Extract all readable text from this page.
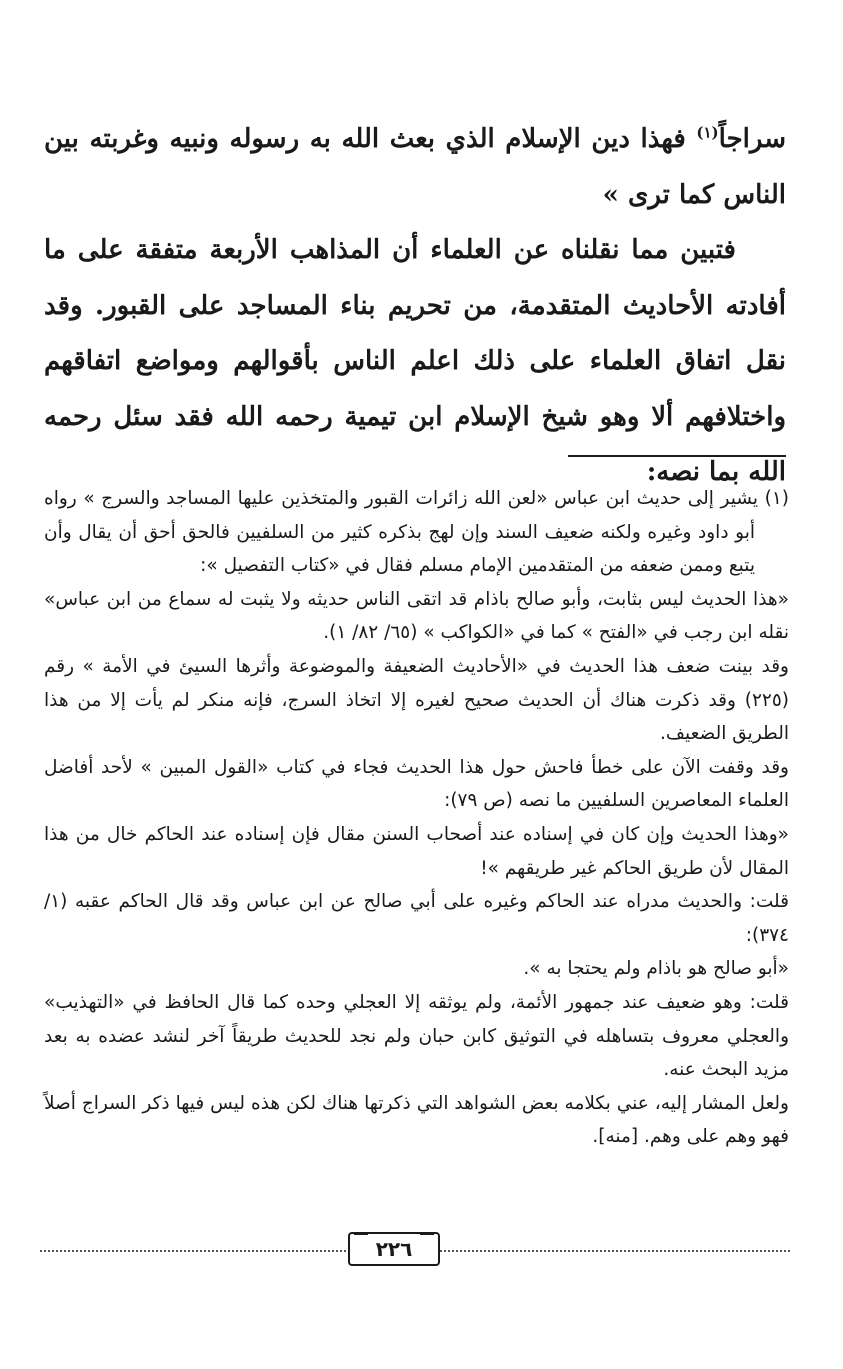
سراجاً$^{(١)}$ فهذا دين الإسلام الذي بعث الله به رسوله ونبيه وغربته بين الناس كما ترى »

فتبين مما نقلناه عن العلماء أن المذاهب الأربعة متفقة على ما أفادته الأحاديث المتقدمة، من تحريم بناء المساجد على القبور. وقد نقل اتفاق العلماء على ذلك اعلم الناس بأقوالهم ومواضع اتفاقهم واختلافهم ألا وهو شيخ الإسلام ابن تيمية رحمه الله فقد سئل رحمه الله بما نصه:

(١) يشير إلى حديث ابن عباس «لعن الله زائرات القبور والمتخذين عليها المساجد والسرج » رواه أبو داود وغيره ولكنه ضعيف السند وإن لهج بذكره كثير من السلفيين فالحق أحق أن يقال وأن يتبع وممن ضعفه من المتقدمين الإمام مسلم فقال في «كتاب التفصيل »:

«هذا الحديث ليس بثابت، وأبو صالح باذام قد اتقى الناس حديثه ولا يثبت له سماع من ابن عباس» نقله ابن رجب في «الفتح » كما في «الكواكب » (٦٥/ ٨٢/ ١).

وقد بينت ضعف هذا الحديث في «الأحاديث الضعيفة والموضوعة وأثرها السيئ في الأمة » رقم (٢٢٥) وقد ذكرت هناك أن الحديث صحيح لغيره إلا اتخاذ السرج، فإنه منكر لم يأت إلا من هذا الطريق الضعيف.

وقد وقفت الآن على خطأ فاحش حول هذا الحديث فجاء في كتاب «القول المبين » لأحد أفاضل العلماء المعاصرين السلفيين ما نصه (ص ٧٩):

«وهذا الحديث وإن كان في إسناده عند أصحاب السنن مقال فإن إسناده عند الحاكم خال من هذا المقال لأن طريق الحاكم غير طريقهم »!

قلت: والحديث مدراه عند الحاكم وغيره على أبي صالح عن ابن عباس وقد قال الحاكم عقبه (١/ ٣٧٤):

«أبو صالح هو باذام ولم يحتجا به ».

قلت: وهو ضعيف عند جمهور الأئمة، ولم يوثقه إلا العجلي وحده كما قال الحافظ في «التهذيب» والعجلي معروف بتساهله في التوثيق كابن حبان ولم نجد للحديث طريقاً آخر لنشد عضده به بعد مزيد البحث عنه.

ولعل المشار إليه، عني بكلامه بعض الشواهد التي ذكرتها هناك لكن هذه ليس فيها ذكر السراج أصلاً فهو وهم على وهم. [منه].

٢٢٦
